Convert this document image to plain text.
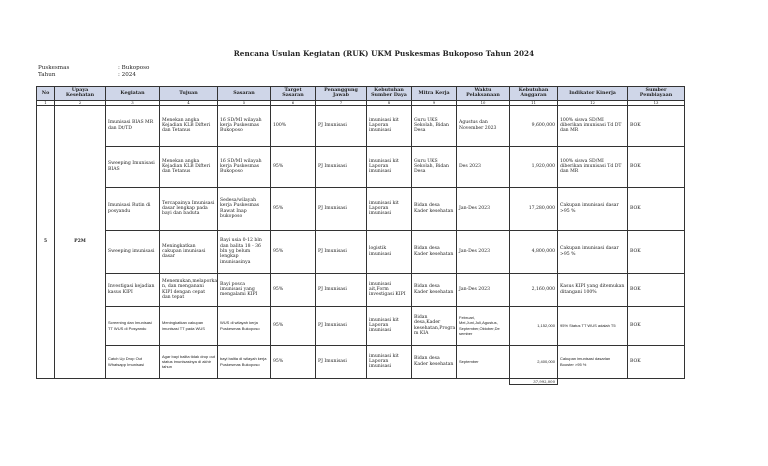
Rencana Usulan Kegiatan (RUK) UKM Puskesmas Bukoposo Tahun 2024
Puskesmas	: Bukoposo
Tahun	: 2024
No	Upaya Kesehatan	Kegiatan	Tujuan	Sasaran	Target Sasaran	Penanggung Jawab	Kebutuhan Sumber Daya	Mitra Kerja	Waktu Pelaksanaan	Kebutuhan Anggaran	Indikator Kinerja	Sumber Pembiayaan
1	2	3	4	5	6	7	8	9	10	11	12	13
5	P2M	Imunisasi BIAS MR dan Dt/TD	Menekan angka Kejadian KLB Difteri dan Tetanus	16 SD/MI wilayah kerja Puskesmas Bukoposo	100%	PJ Imunisasi	imunisasi kit Laporan imunisasi	Guru UKS Sekolah, Bidan Desa	Agustus dan November 2023	9,600,000	100% siswa SD/MI diberikan imunisasi Td DT dan MR	BOK
		Sweeping Imunisasi BIAS	Menekan angka Kejadian KLB Difteri dan Tetanus	16 SD/MI wilayah kerja Puskesmas Bukoposo	95%	PJ Imunisasi	imunisasi kit Laporan imunisasi	Guru UKS Sekolah, Bidan Desa	Des 2023	1,920,000	100% siswa SD/MI diberikan imunisasi Td DT dan MR	BOK
		Imunisasi Rutin di posyandu	Tercapainya Imunisasi dasar lengkap pada bayi dan baduta	Sedesa/wilayah kerja Puskesmas Rawat Inap bukoposo	95%	PJ Imunisasi	imunisasi kit Laporan imunisasi	Bidan desa Kader kesehatan	Jan-Des 2023	17,280,000	Cakupan imunisasi dasar >95 %	BOK
		Sweeping imunisasi	Meningkatkan cakupan imunisasi dasar	Bayi usia 0-12 bln dan balita 18 - 36 bln yg belum lengkap imunisasinya	95%	PJ Imunisasi	logistik imunisasi	Bidan desa Kader kesehatan	Jan-Des 2023	4,800,000	Cakupan imunisasi dasar >95 %	BOK
		Investigasi kejadian kasus KIPI	Menemukan,melaporka n, dan menganani KIPI dengan cepat dan tepat	Bayi posca imunisasi yang mengalami KIPI	95%	PJ Imunisasi	imunisasi ait,Form investigasi KIPI	Bidan desa Kader kesehatan	Jan-Des 2023	2,160,000	Kasus KIPI yang ditemukan ditangani 100%	BOK
		Screening dan Imunisasi TT WUS di Posyandu	Meningkatkan cakupan imunisasi TT pada WUS	WUS di wilayah kerja Puskesmas Bukoposo	95%	PJ Imunisasi	imunisasi kit Laporan imunisasi	Bidan desa,Kader kesehatan,Progra m KIA	Februari, Mei,Juni,Juli,Agustus, September,Oktober,De sember	1,152,000	95% Status TT WUS adalah T5	BOK
		Catch Up Drop Out Whatsapp Imunisasi	Agar bayi balita tidak drop out status imunisasinya di akhir tahun	bayi balita di wilayah kerja Puskesmas Bukoposo	95%	PJ Imunisasi	imunisasi kit Laporan imunisasi	Bidan desa Kader kesehatan	September	2,400,000	Cakupan imunisasi dasarlan Booster >95 %	BOK
										37,992,000		
